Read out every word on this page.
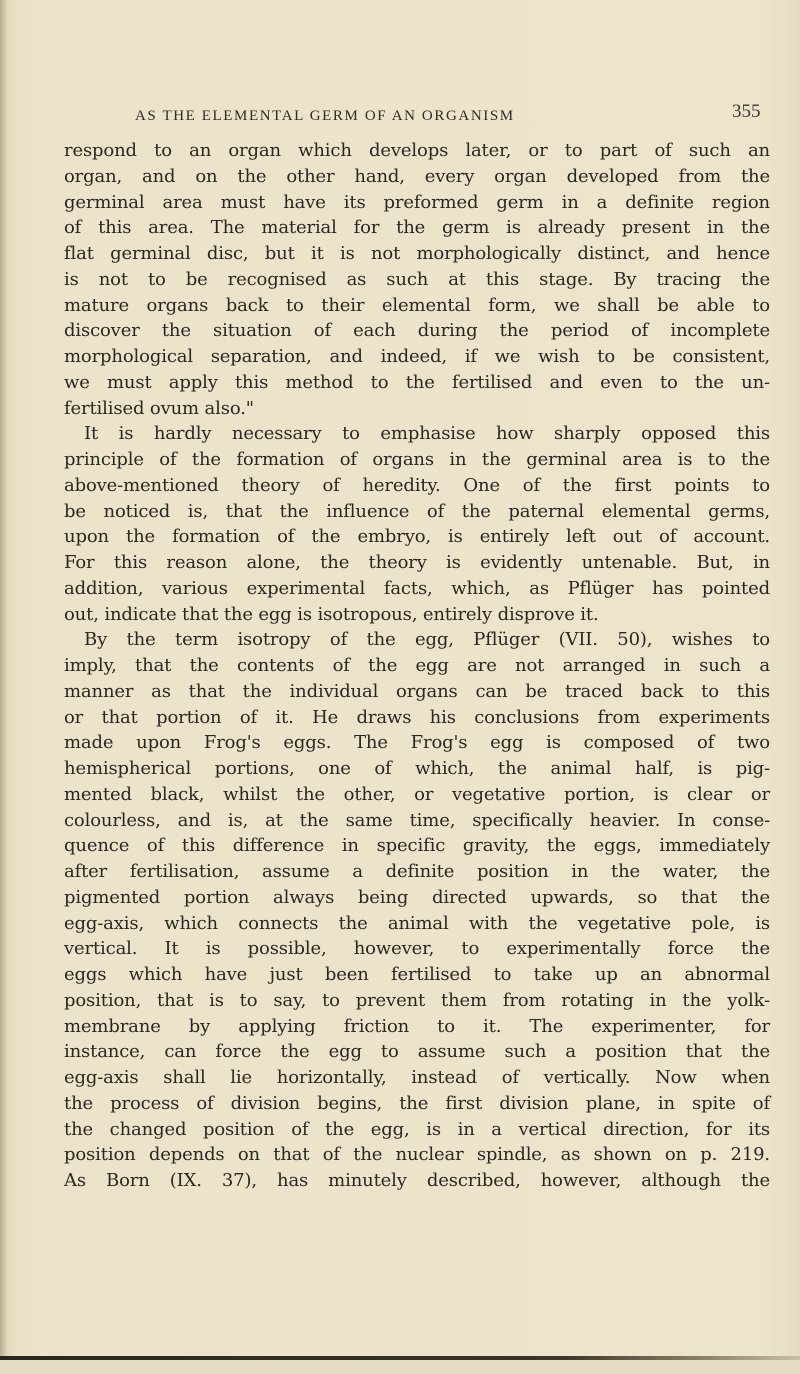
AS THE ELEMENTAL GERM OF AN ORGANISM	355
respond to an organ which develops later, or to part of such an
organ, and on the other hand, every organ developed from the
germinal area must have its preformed germ in a definite region
of this area. The material for the germ is already present in the
flat germinal disc, but it is not morphologically distinct, and hence
is not to be recognised as such at this stage. By tracing the
mature organs back to their elemental form, we shall be able to
discover the situation of each during the period of incomplete
morphological separation, and indeed, if we wish to be consistent,
we must apply this method to the fertilised and even to the un-
fertilised ovum also."
It is hardly necessary to emphasise how sharply opposed this
principle of the formation of organs in the germinal area is to the
above-mentioned theory of heredity. One of the first points to
be noticed is, that the influence of the paternal elemental germs,
upon the formation of the embryo, is entirely left out of account.
For this reason alone, the theory is evidently untenable. But, in
addition, various experimental facts, which, as Pflüger has pointed
out, indicate that the egg is isotropous, entirely disprove it.
By the term isotropy of the egg, Pflüger (VII. 50), wishes to
imply, that the contents of the egg are not arranged in such a
manner as that the individual organs can be traced back to this
or that portion of it. He draws his conclusions from experiments
made upon Frog's eggs. The Frog's egg is composed of two
hemispherical portions, one of which, the animal half, is pig-
mented black, whilst the other, or vegetative portion, is clear or
colourless, and is, at the same time, specifically heavier. In conse-
quence of this difference in specific gravity, the eggs, immediately
after fertilisation, assume a definite position in the water, the
pigmented portion always being directed upwards, so that the
egg-axis, which connects the animal with the vegetative pole, is
vertical. It is possible, however, to experimentally force the
eggs which have just been fertilised to take up an abnormal
position, that is to say, to prevent them from rotating in the yolk-
membrane by applying friction to it. The experimenter, for
instance, can force the egg to assume such a position that the
egg-axis shall lie horizontally, instead of vertically. Now when
the process of division begins, the first division plane, in spite of
the changed position of the egg, is in a vertical direction, for its
position depends on that of the nuclear spindle, as shown on p. 219.
As Born (IX. 37), has minutely described, however, although the
